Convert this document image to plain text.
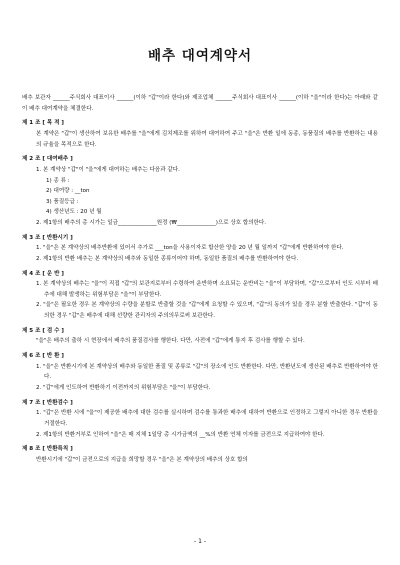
배추 대여계약서

배추 보관자 ______주식회사 대표이사 ______(이하 "갑"이라 한다)와 제조업체 ______주식회사 대표이사 ______(이하 "을"이라 한다)는 아래와 같이 배추 대여계약을 체결한다.

제 1 조 [ 목 적 ]

본 계약은 "갑"이 생산하여 보유한 배추를 "을"에게 김치제조를 위하여 대여하여 주고 "을"은 반환 일에 동종, 동품질의 배추를 반환하는 내용의 규율을 목적으로 한다.

제 2 조 [ 대여배추 ]

1. 본 계약상 "갑"이 "을"에게 대여하는 배추는 다음과 같다.

1) 종 류 :

2) 대여량 : __ton

3) 품질등급 :

4) 생산년도 : 20 년 월

2. 제1항의 배추의 총 시가는 일금______________원정 (₩______________)으로 상호 합의한다.

제 3 조 [ 반환시기 ]

1. "을"은 본 계약상의 배추반환에 있어서 추가로 ___ton을 사용이자로 합산한 양을 20 년 월 일까지 "갑"에게 반환하여야 한다.

2. 제1항의 반환 배추는 본 계약상의 배추와 동일한 종류이어야 하며, 동일한 품질의 배추를 반환하여야 한다.

제 4 조 [ 운 반 ]

1. 본 계약상의 배추는 "을"이 직접 "갑"의 보관지로부터 수령하여 운반하며 소요되는 운반비는 "을"이 부담하며, "갑"으로부터 인도 시부터 배추에 대해 발생하는 위험부담은 "을"이 부담한다.

2. "을"은 필요한 경우 본 계약상의 수량을 분할로 반출할 것을 "갑"에게 요청할 수 있으며, "갑"의 동의가 있을 경우 분할 반출한다. "갑"이 동의한 경우 "갑"은 배추에 대해 선량한 관리자의 주의의무로써 보관한다.

제 5 조 [ 검 수 ]

"을"은 배추의 출하 시 현장에서 배추의 품질검사를 행한다. 다만, 사전에 "갑"에게 통지 후 검사를 행할 수 있다.

제 6 조 [ 반 환 ]

1. "을"은 반환시기에 본 계약상의 배추와 동일한 품질 및 종류로 "갑"의 장소에 인도 반환한다. 다만, 반환년도에 생산된 배추로 반환하여야 한다.

2. "갑"에게 인도하여 반환하기 이전까지의 위험부담은 "을"이 부담한다.

제 7 조 [ 반환검수 ]

1. "갑"은 반환 시에 "을"이 제공한 배추에 대한 검수를 실시하며 검수를 통과한 배추에 대하여 반환으로 인정하고 그렇지 아니한 경우 반환을 거절한다.

2. 제1항의 반환거부로 인하여 "을"은 매 지체 1일당 총 시가금액의 __%의 반환 연체 이자를 금전으로 지급하여야 한다.

제 8 조 [ 반환특칙 ]

반환시기에 "갑"이 금전으로의 지급을 희망할 경우 "을"은 본 계약상의 배추의 상호 합의

- 1 -
